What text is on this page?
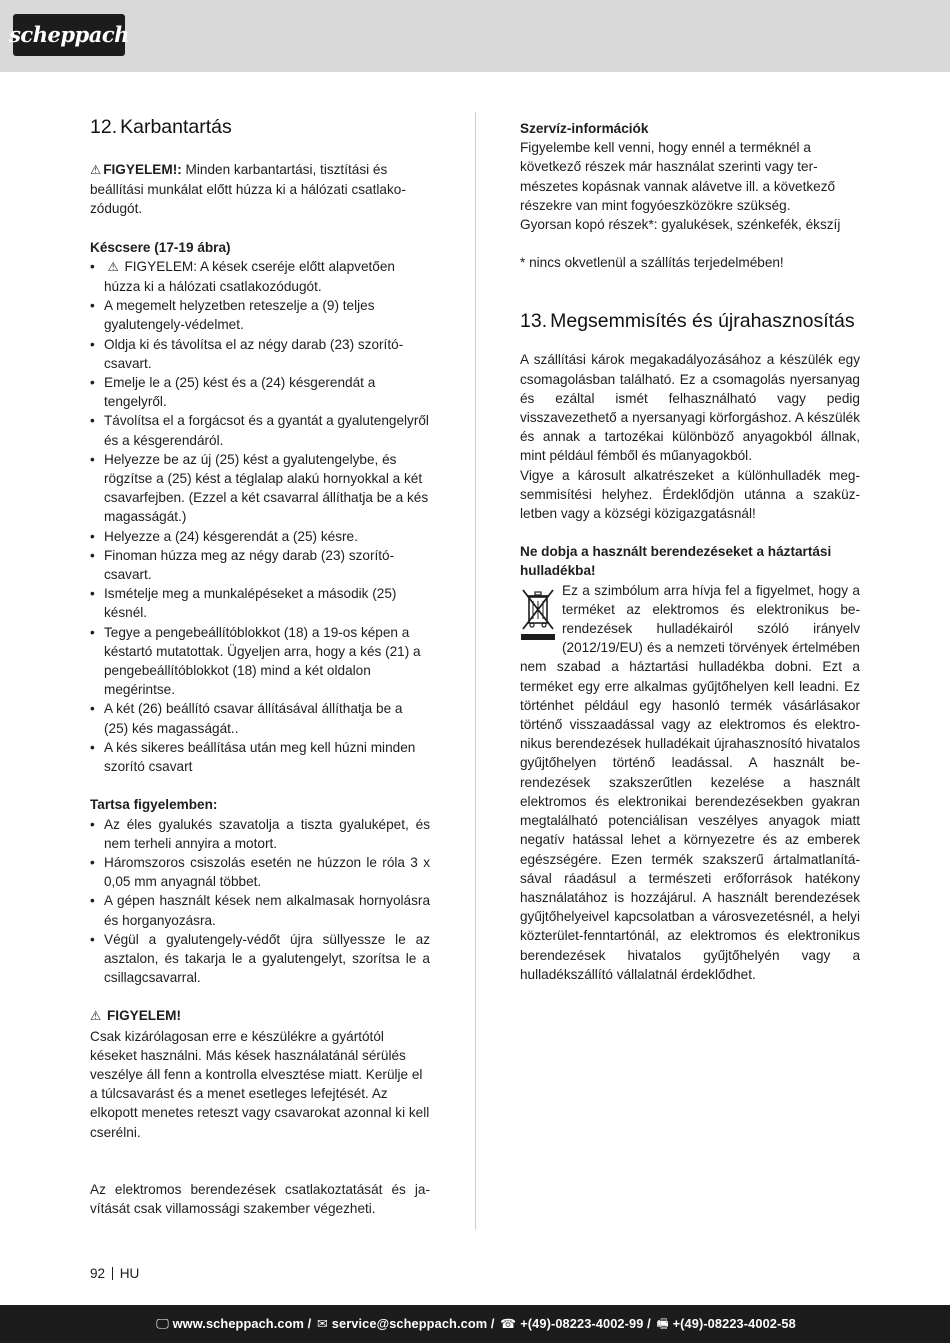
scheppach
12. Karbantartás

⚠ FIGYELEM!: Minden karbantartási, tisztítási és beállítási munkálat előtt húzza ki a hálózati csatlakozódugót.

Késcsere (17-19 ábra)

•  ⚠ FIGYELEM: A kések cseréje előtt alapvetően húzza ki a hálózati csatlakozódugót.
• A megemelt helyzetben reteszelje a (9) teljes gyalutengely-védelmet.
• Oldja ki és távolítsa el az négy darab (23) szorítócsavart.
• Emelje le a (25) kést és a (24) késgerendát a tengelyről.
• Távolítsa el a forgácsot és a gyantát a gyalutengelyről és a késgerendáról.
• Helyezze be az új (25) kést a gyalutengelybe, és rögzítse a (25) kést a téglalap alakú hornyokkal a két csavarfejben. (Ezzel a két csavarral állíthatja be a kés magasságát.)
• Helyezze a (24) késgerendát a (25) késre.
• Finoman húzza meg az négy darab (23) szorítócsavart.
• Ismételje meg a munkalépéseket a második (25) késnél.
• Tegye a pengebeállítóblokkot (18) a 19-os képen a késtartó mutatottak. Ügyeljen arra, hogy a kés (21) a pengebeállítóblokkot (18) mind a két oldalon megérintse.
• A két (26) beállító csavar állításával állíthatja be a (25) kés magasságát..
• A kés sikeres beállítása után meg kell húzni minden szorító csavart

Tartsa figyelemben:

• Az éles gyalukés szavatolja a tiszta gyaluképet, és nem terheli annyira a motort.
• Háromszoros csiszolás esetén ne húzzon le róla 3 x 0,05 mm anyagnál többet.
• A gépen használt kések nem alkalmasak hornyolásra és horganyozásra.
• Végül a gyalutengely-védőt újra süllyessze le az asztalon, és takarja le a gyalutengelyt, szorítsa le a csillagcsavarral.

⚠ FIGYELEM!

Csak kizárólagosan erre e készülékre a gyártótól késeket használni. Más kések használatánál sérülés veszélye áll fenn a kontrolla elvesztése miatt. Kerülje el a túlcsavarást és a menet esetleges lefejtését. Az elkopott menetes reteszt vagy csavarokat azonnal ki kell cserélni.

Az elektromos berendezések csatlakoztatását és javítását csak villamossági szakember végezheti.

Szervíz-információk

Figyelembe kell venni, hogy ennél a terméknél a következő részek már használat szerinti vagy természetes kopásnak vannak alávetve ill. a következő részekre van mint fogyóeszközökre szükség.

Gyorsan kopó részek*: gyalukések, szénkefék, ékszíj

* nincs okvetlenül a szállítás terjedelmében!

13. Megsemmisítés és újrahasznosítás

A szállítási károk megakadályozásához a készülék egy csomagolásban található. Ez a csomagolás nyersanyag és ezáltal ismét felhasználható vagy pedig visszavezethető a nyersanyagi körforgáshoz. A készülék és annak a tartozékai különböző anyagokból állnak, mint például fémből és műanyagokból.

Vigye a károsult alkatrészeket a különhulladék megsemmisítési helyhez. Érdeklődjön utánna a szaküzletben vagy a községi közigazgatásnál!

Ne dobja a használt berendezéseket a háztartási hulladékba!

Ez a szimbólum arra hívja fel a figyelmet, hogy a terméket az elektromos és elektronikus berendezések hulladékairól szóló irányelv (2012/19/EU) és a nemzeti törvények értelmében nem szabad a háztartási hulladékba dobni. Ezt a terméket egy erre alkalmas gyűjtőhelyen kell leadni. Ez történhet például egy hasonló termék vásárlásakor történő visszaadással vagy az elektromos és elektronikus berendezések hulladékait újrahasznosító hivatalos gyűjtőhelyen történő leadással. A használt berendezések szakszerűtlen kezelése a használt elektromos és elektronikai berendezésekben gyakran megtalálható potenciálisan veszélyes anyagok miatt negatív hatással lehet a környezetre és az emberek egészségére. Ezen termék szakszerű ártalmatlanításával ráadásul a természeti erőforrások hatékony használatához is hozzájárul. A használt berendezések gyűjtőhelyeivel kapcsolatban a városvezetésnél, a helyi közterület-fenntartónál, az elektromos és elektronikus berendezések hivatalos gyűjtőhelyén vagy a hulladékszállító vállalatnál érdeklődhet.
92 HU
🖵 www.scheppach.com / ✉ service@scheppach.com / ☎ +(49)-08223-4002-99 / 🖷 +(49)-08223-4002-58
